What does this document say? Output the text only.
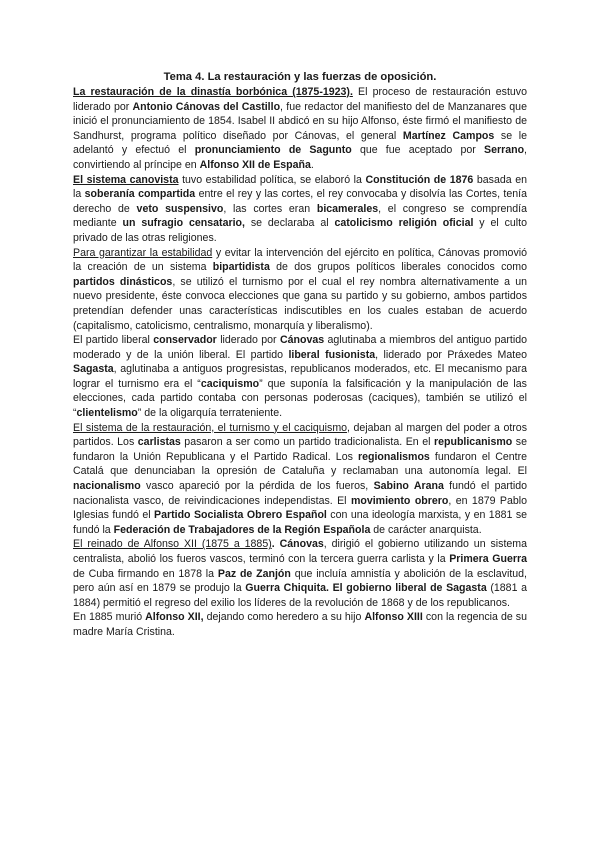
Tema 4. La restauración y las fuerzas de oposición.

La restauración de la dinastía borbónica (1875-1923). El proceso de restauración estuvo liderado por Antonio Cánovas del Castillo, fue redactor del manifiesto del de Manzanares que inició el pronunciamiento de 1854. Isabel II abdicó en su hijo Alfonso, éste firmó el manifiesto de Sandhurst, programa político diseñado por Cánovas, el general Martínez Campos se le adelantó y efectuó el pronunciamiento de Sagunto que fue aceptado por Serrano, convirtiendo al príncipe en Alfonso XII de España.

El sistema canovista tuvo estabilidad política, se elaboró la Constitución de 1876 basada en la soberanía compartida entre el rey y las cortes, el rey convocaba y disolvía las Cortes, tenía derecho de veto suspensivo, las cortes eran bicamerales, el congreso se comprendía mediante un sufragio censatario, se declaraba al catolicismo religión oficial y el culto privado de las otras religiones.

Para garantizar la estabilidad y evitar la intervención del ejército en política, Cánovas promovió la creación de un sistema bipartidista de dos grupos políticos liberales conocidos como partidos dinásticos, se utilizó el turnismo por el cual el rey nombra alternativamente a un nuevo presidente, éste convoca elecciones que gana su partido y su gobierno, ambos partidos pretendían defender unas características indiscutibles en los cuales estaban de acuerdo (capitalismo, catolicismo, centralismo, monarquía y liberalismo).

El partido liberal conservador liderado por Cánovas aglutinaba a miembros del antiguo partido moderado y de la unión liberal. El partido liberal fusionista, liderado por Práxedes Mateo Sagasta, aglutinaba a antiguos progresistas, republicanos moderados, etc. El mecanismo para lograr el turnismo era el “caciquismo” que suponía la falsificación y la manipulación de las elecciones, cada partido contaba con personas poderosas (caciques), también se utilizó el “clientelismo” de la oligarquía terrateniente.

El sistema de la restauración, el turnismo y el caciquismo, dejaban al margen del poder a otros partidos. Los carlistas pasaron a ser como un partido tradicionalista. En el republicanismo se fundaron la Unión Republicana y el Partido Radical. Los regionalismos fundaron el Centre Catalá que denunciaban la opresión de Cataluña y reclamaban una autonomía legal. El nacionalismo vasco apareció por la pérdida de los fueros, Sabino Arana fundó el partido nacionalista vasco, de reivindicaciones independistas. El movimiento obrero, en 1879 Pablo Iglesias fundó el Partido Socialista Obrero Español con una ideología marxista, y en 1881 se fundó la Federación de Trabajadores de la Región Española de carácter anarquista.

El reinado de Alfonso XII (1875 a 1885). Cánovas, dirigió el gobierno utilizando un sistema centralista, abolió los fueros vascos, terminó con la tercera guerra carlista y la Primera Guerra de Cuba firmando en 1878 la Paz de Zanjón que incluía amnistía y abolición de la esclavitud, pero aún así en 1879 se produjo la Guerra Chiquita. El gobierno liberal de Sagasta (1881 a 1884) permitió el regreso del exilio los líderes de la revolución de 1868 y de los republicanos.

En 1885 murió Alfonso XII, dejando como heredero a su hijo Alfonso XIII con la regencia de su madre María Cristina.
